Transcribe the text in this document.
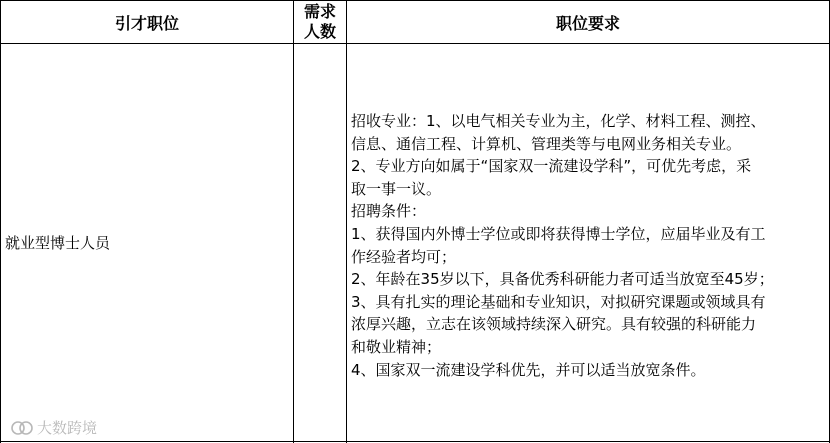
引才职位
需求
人数	职位要求
就业型博士人员
招收专业：1、以电气相关专业为主，化学、材料工程、测控、
信息、通信工程、计算机、管理类等与电网业务相关专业。
2、专业方向如属于“国家双一流建设学科”，可优先考虑，采
取一事一议。
招聘条件：
1、获得国内外博士学位或即将获得博士学位，应届毕业及有工
作经验者均可；
2、年龄在35岁以下，具备优秀科研能力者可适当放宽至45岁；
3、具有扎实的理论基础和专业知识，对拟研究课题或领域具有
浓厚兴趣，立志在该领域持续深入研究。具有较强的科研能力
和敬业精神；
4、国家双一流建设学科优先，并可以适当放宽条件。
大数跨境
